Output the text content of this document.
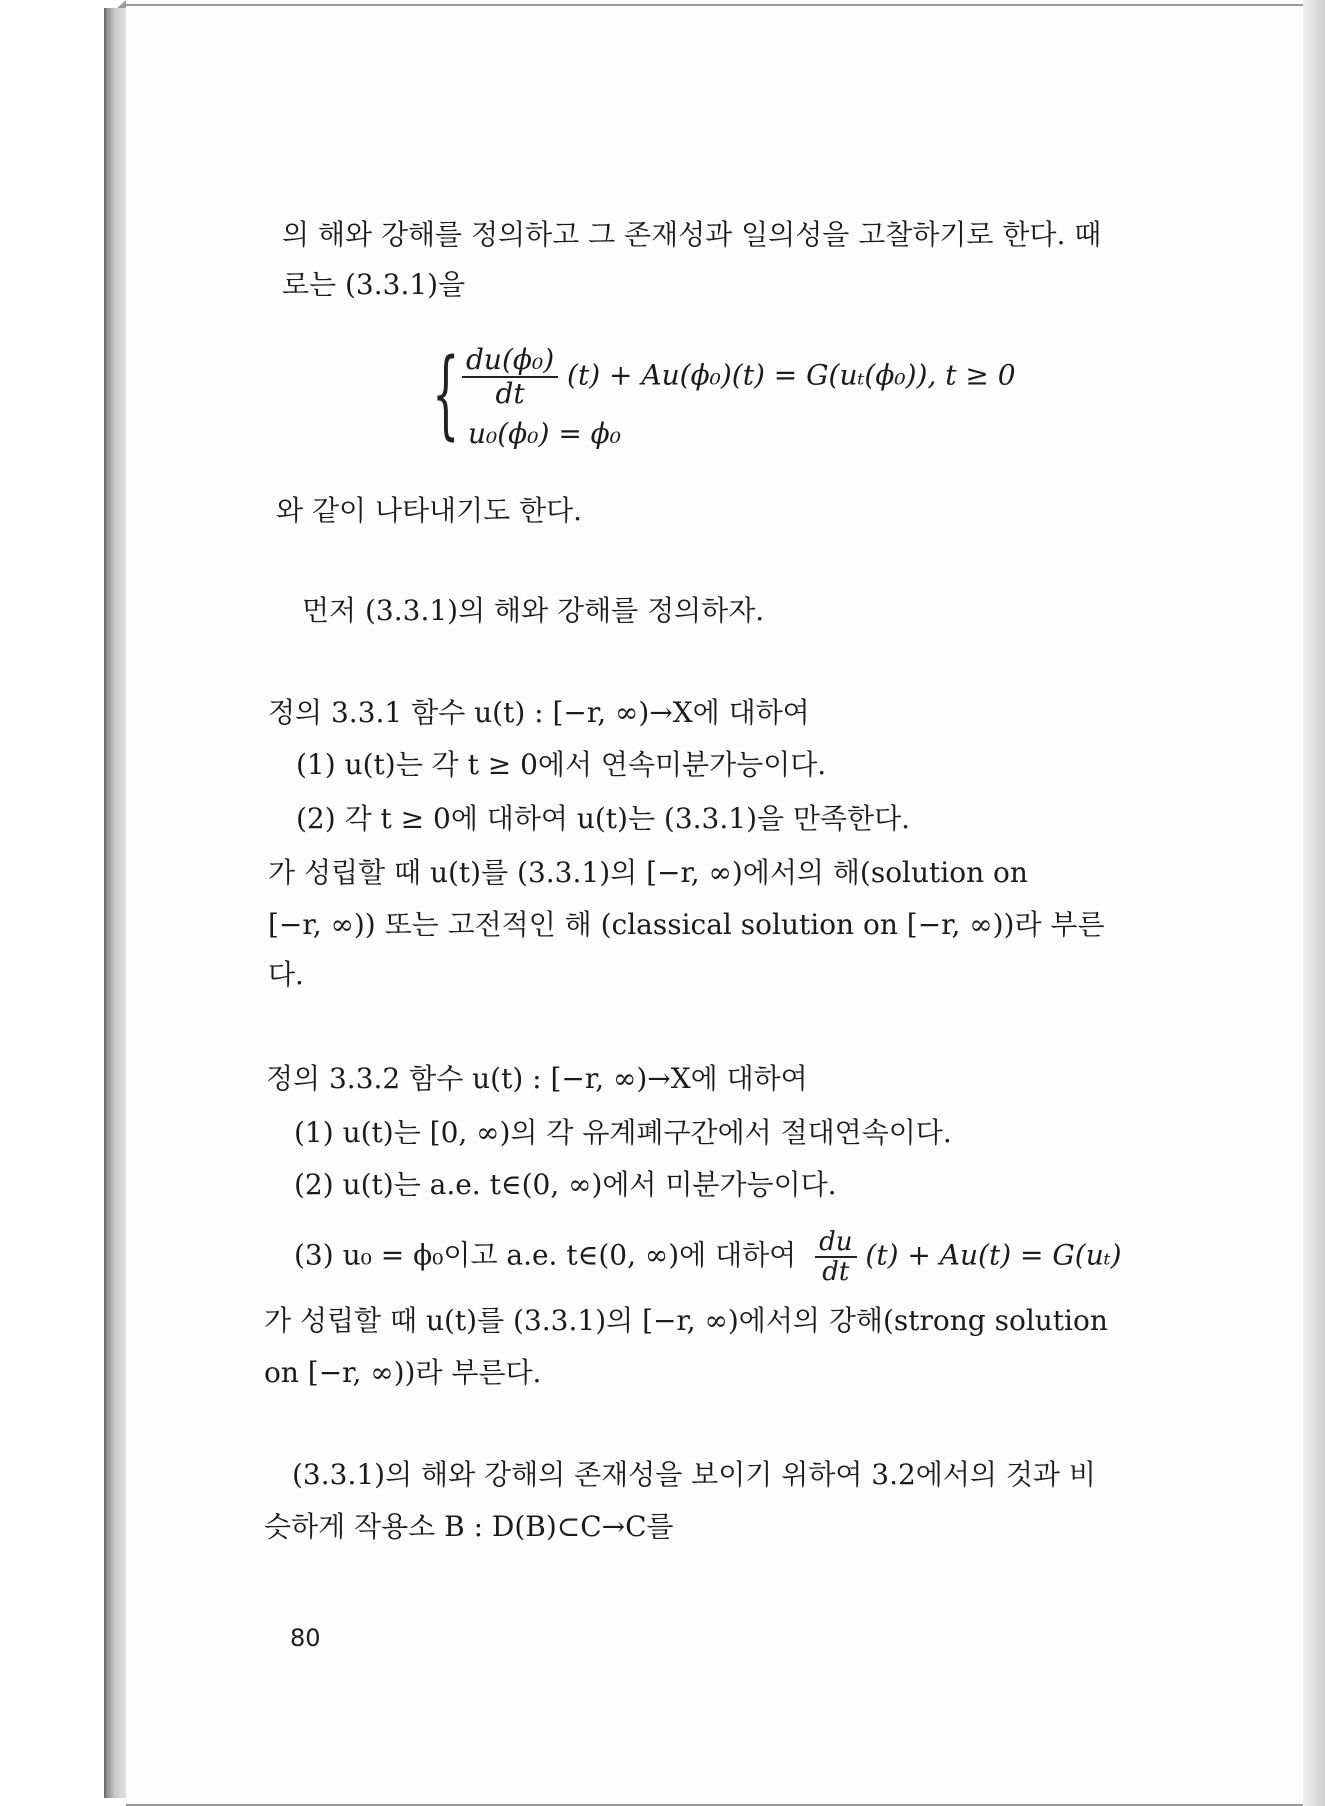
의 해와 강해를 정의하고 그 존재성과 일의성을 고찰하기로 한다. 때
로는 (3.3.1)을
{ $\frac{\text{du(ϕ₀)}}{dt} (t) + Au(\phi_0)(t) = G(u_t(\phi_0))$, t ≥ 0
u₀(ϕ₀) = ϕ₀
와 같이 나타내기도 한다.
먼저 (3.3.1)의 해와 강해를 정의하자.
정의 3.3.1 함수 u(t) : [−r, ∞)→X에 대하여
(1) u(t)는 각 t ≥ 0에서 연속미분가능이다.
(2) 각 t ≥ 0에 대하여 u(t)는 (3.3.1)을 만족한다.
가 성립할 때 u(t)를 (3.3.1)의 [−r, ∞)에서의 해(solution on
[−r, ∞)) 또는 고전적인 해 (classical solution on [−r, ∞))라 부른
다.
정의 3.3.2 함수 u(t) : [−r, ∞)→X에 대하여
(1) u(t)는 [0, ∞)의 각 유계폐구간에서 절대연속이다.
(2) u(t)는 a.e. t∈(0, ∞)에서 미분가능이다.
(3) u₀ = ϕ₀이고 a.e. t∈(0, ∞)에 대하여 $\frac{du}{dt} (t) + Au(t) = G(u_t)$
가 성립할 때 u(t)를 (3.3.1)의 [−r, ∞)에서의 강해(strong solution
on [−r, ∞))라 부른다.
(3.3.1)의 해와 강해의 존재성을 보이기 위하여 3.2에서의 것과 비
슷하게 작용소 B : D(B)⊂C→C를
80
